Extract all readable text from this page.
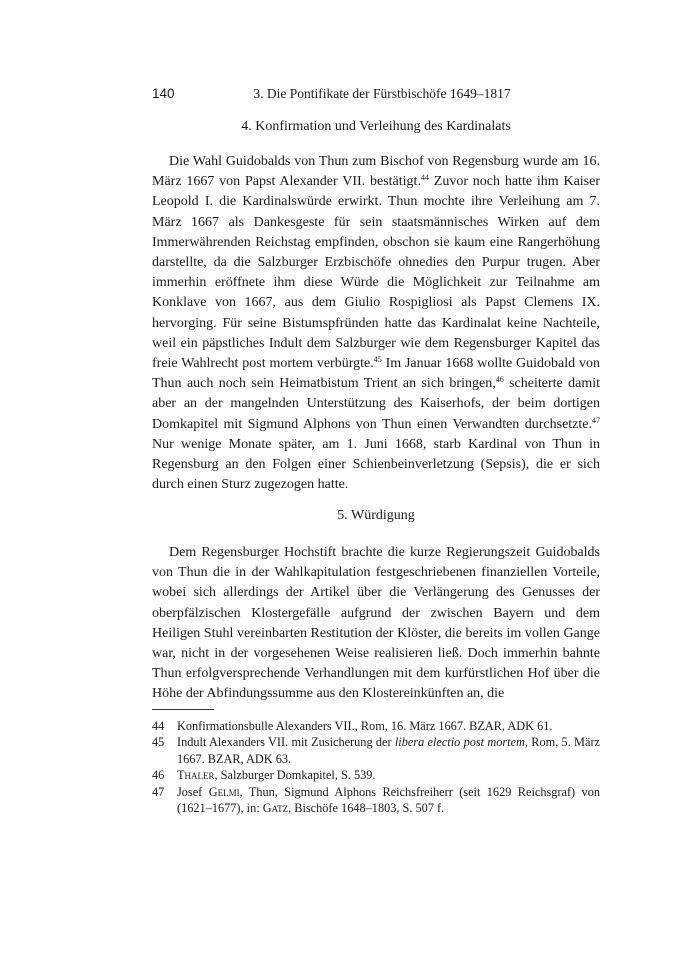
140	3. Die Pontifikate der Fürstbischöfe 1649–1817
4. Konfirmation und Verleihung des Kardinalats

Die Wahl Guidobalds von Thun zum Bischof von Regensburg wurde am 16. März 1667 von Papst Alexander VII. bestätigt.$^{44}$ Zuvor noch hatte ihm Kaiser Leopold I. die Kardinalswürde erwirkt. Thun mochte ihre Verleihung am 7. März 1667 als Dankesgeste für sein staatsmännisches Wirken auf dem Immerwährenden Reichstag empfinden, obschon sie kaum eine Rangerhöhung darstellte, da die Salzburger Erzbischöfe ohnedies den Purpur trugen. Aber immerhin eröffnete ihm diese Würde die Möglichkeit zur Teilnahme am Konklave von 1667, aus dem Giulio Rospigliosi als Papst Clemens IX. hervorging. Für seine Bistumspfründen hatte das Kardinalat keine Nachteile, weil ein päpstliches Indult dem Salzburger wie dem Regensburger Kapitel das freie Wahlrecht post mortem verbürgte.$^{45}$ Im Januar 1668 wollte Guidobald von Thun auch noch sein Heimatbistum Trient an sich bringen,$^{46}$ scheiterte damit aber an der mangelnden Unterstützung des Kaiserhofs, der beim dortigen Domkapitel mit Sigmund Alphons von Thun einen Verwandten durchsetzte.$^{47}$ Nur wenige Monate später, am 1. Juni 1668, starb Kardinal von Thun in Regensburg an den Folgen einer Schienbeinverletzung (Sepsis), die er sich durch einen Sturz zugezogen hatte.

5. Würdigung

Dem Regensburger Hochstift brachte die kurze Regierungszeit Guidobalds von Thun die in der Wahlkapitulation festgeschriebenen finanziellen Vorteile, wobei sich allerdings der Artikel über die Verlängerung des Genusses der oberpfälzischen Klostergefälle aufgrund der zwischen Bayern und dem Heiligen Stuhl vereinbarten Restitution der Klöster, die bereits im vollen Gange war, nicht in der vorgesehenen Weise realisieren ließ. Doch immerhin bahnte Thun erfolgversprechende Verhandlungen mit dem kurfürstlichen Hof über die Höhe der Abfindungssumme aus den Klostereinkünften an, die

44 Konfirmationsbulle Alexanders VII., Rom, 16. März 1667. BZAR, ADK 61.
45 Indult Alexanders VII. mit Zusicherung der libera electio post mortem, Rom, 5. März 1667. BZAR, ADK 63.
46 Thaler, Salzburger Domkapitel, S. 539.
47 Josef Gelmi, Thun, Sigmund Alphons Reichsfreiherr (seit 1629 Reichsgraf) von (1621–1677), in: Gatz, Bischöfe 1648–1803, S. 507 f.
